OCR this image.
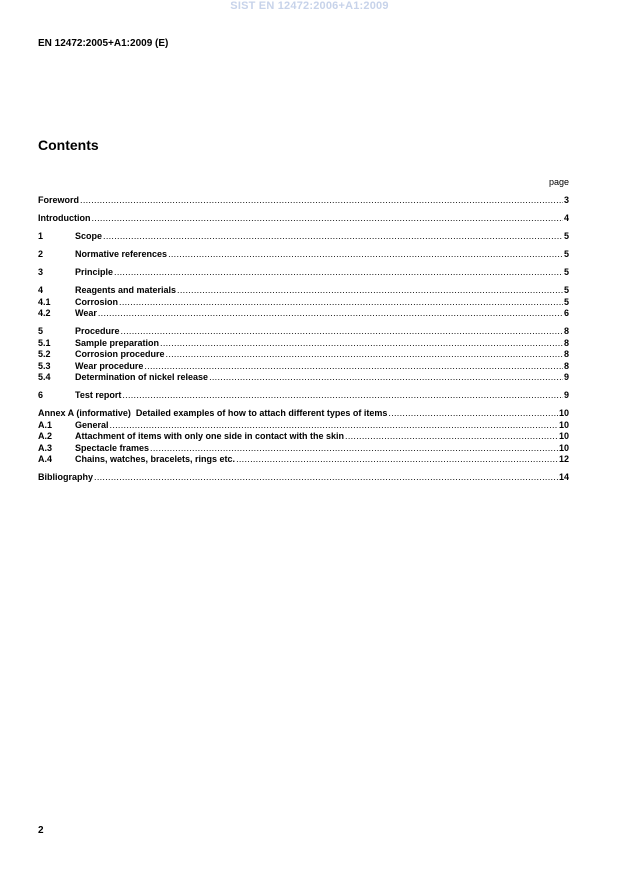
SIST EN 12472:2006+A1:2009
EN 12472:2005+A1:2009 (E)
Contents
page
Foreword .....	3
Introduction .....	4
1	Scope .....	5
2	Normative references .....	5
3	Principle .....	5
4	Reagents and materials .....	5
4.1	Corrosion .....	5
4.2	Wear .....	6
5	Procedure .....	8
5.1	Sample preparation .....	8
5.2	Corrosion procedure .....	8
5.3	Wear procedure .....	8
5.4	Determination of nickel release .....	9
6	Test report .....	9
Annex A (informative)  Detailed examples of how to attach different types of items .....	10
A.1	General .....	10
A.2	Attachment of items with only one side in contact with the skin .....	10
A.3	Spectacle frames .....	10
A.4	Chains, watches, bracelets, rings etc. .....	12
Bibliography .....	14
2
